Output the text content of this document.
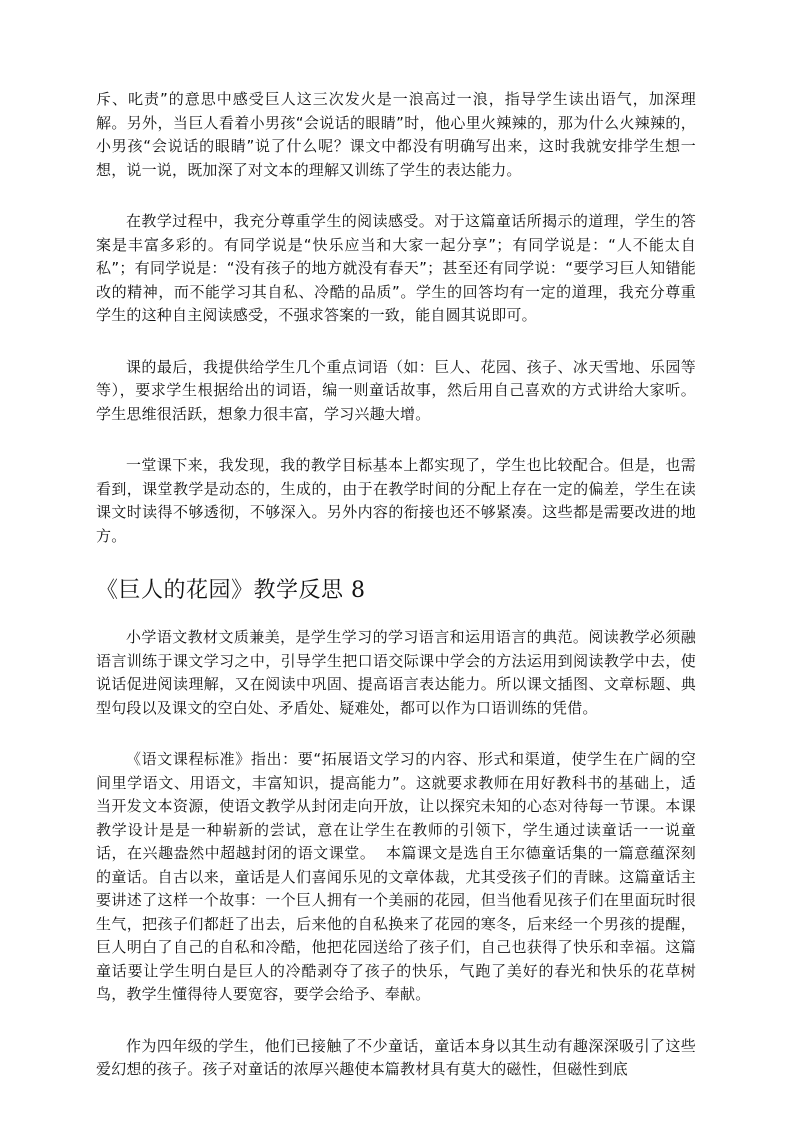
斥、叱责”的意思中感受巨人这三次发火是一浪高过一浪，指导学生读出语气，加深理解。另外，当巨人看着小男孩“会说话的眼睛”时，他心里火辣辣的，那为什么火辣辣的，小男孩“会说话的眼睛”说了什么呢？课文中都没有明确写出来，这时我就安排学生想一想，说一说，既加深了对文本的理解又训练了学生的表达能力。

在教学过程中，我充分尊重学生的阅读感受。对于这篇童话所揭示的道理，学生的答案是丰富多彩的。有同学说是“快乐应当和大家一起分享”；有同学说是：“人不能太自私”；有同学说是：“没有孩子的地方就没有春天”；甚至还有同学说：“要学习巨人知错能改的精神，而不能学习其自私、冷酷的品质”。学生的回答均有一定的道理，我充分尊重学生的这种自主阅读感受，不强求答案的一致，能自圆其说即可。

课的最后，我提供给学生几个重点词语（如：巨人、花园、孩子、冰天雪地、乐园等等），要求学生根据给出的词语，编一则童话故事，然后用自己喜欢的方式讲给大家听。学生思维很活跃，想象力很丰富，学习兴趣大增。

一堂课下来，我发现，我的教学目标基本上都实现了，学生也比较配合。但是，也需看到，课堂教学是动态的，生成的，由于在教学时间的分配上存在一定的偏差，学生在读课文时读得不够透彻，不够深入。另外内容的衔接也还不够紧凑。这些都是需要改进的地方。

《巨人的花园》教学反思 8

小学语文教材文质兼美，是学生学习的学习语言和运用语言的典范。阅读教学必须融语言训练于课文学习之中，引导学生把口语交际课中学会的方法运用到阅读教学中去，使说话促进阅读理解，又在阅读中巩固、提高语言表达能力。所以课文插图、文章标题、典型句段以及课文的空白处、矛盾处、疑难处，都可以作为口语训练的凭借。

《语文课程标准》指出：要“拓展语文学习的内容、形式和渠道，使学生在广阔的空间里学语文、用语文，丰富知识，提高能力”。这就要求教师在用好教科书的基础上，适当开发文本资源，使语文教学从封闭走向开放，让以探究未知的心态对待每一节课。本课教学设计是是一种崭新的尝试，意在让学生在教师的引领下，学生通过读童话一一说童话，在兴趣盎然中超越封闭的语文课堂。  本篇课文是选自王尔德童话集的一篇意蕴深刻的童话。自古以来，童话是人们喜闻乐见的文章体裁，尤其受孩子们的青睐。这篇童话主要讲述了这样一个故事：一个巨人拥有一个美丽的花园，但当他看见孩子们在里面玩时很生气，把孩子们都赶了出去，后来他的自私换来了花园的寒冬，后来经一个男孩的提醒，巨人明白了自己的自私和冷酷，他把花园送给了孩子们，自己也获得了快乐和幸福。这篇童话要让学生明白是巨人的冷酷剥夺了孩子的快乐，气跑了美好的春光和快乐的花草树鸟，教学生懂得待人要宽容，要学会给予、奉献。

作为四年级的学生，他们已接触了不少童话，童话本身以其生动有趣深深吸引了这些爱幻想的孩子。孩子对童话的浓厚兴趣使本篇教材具有莫大的磁性，但磁性到底
